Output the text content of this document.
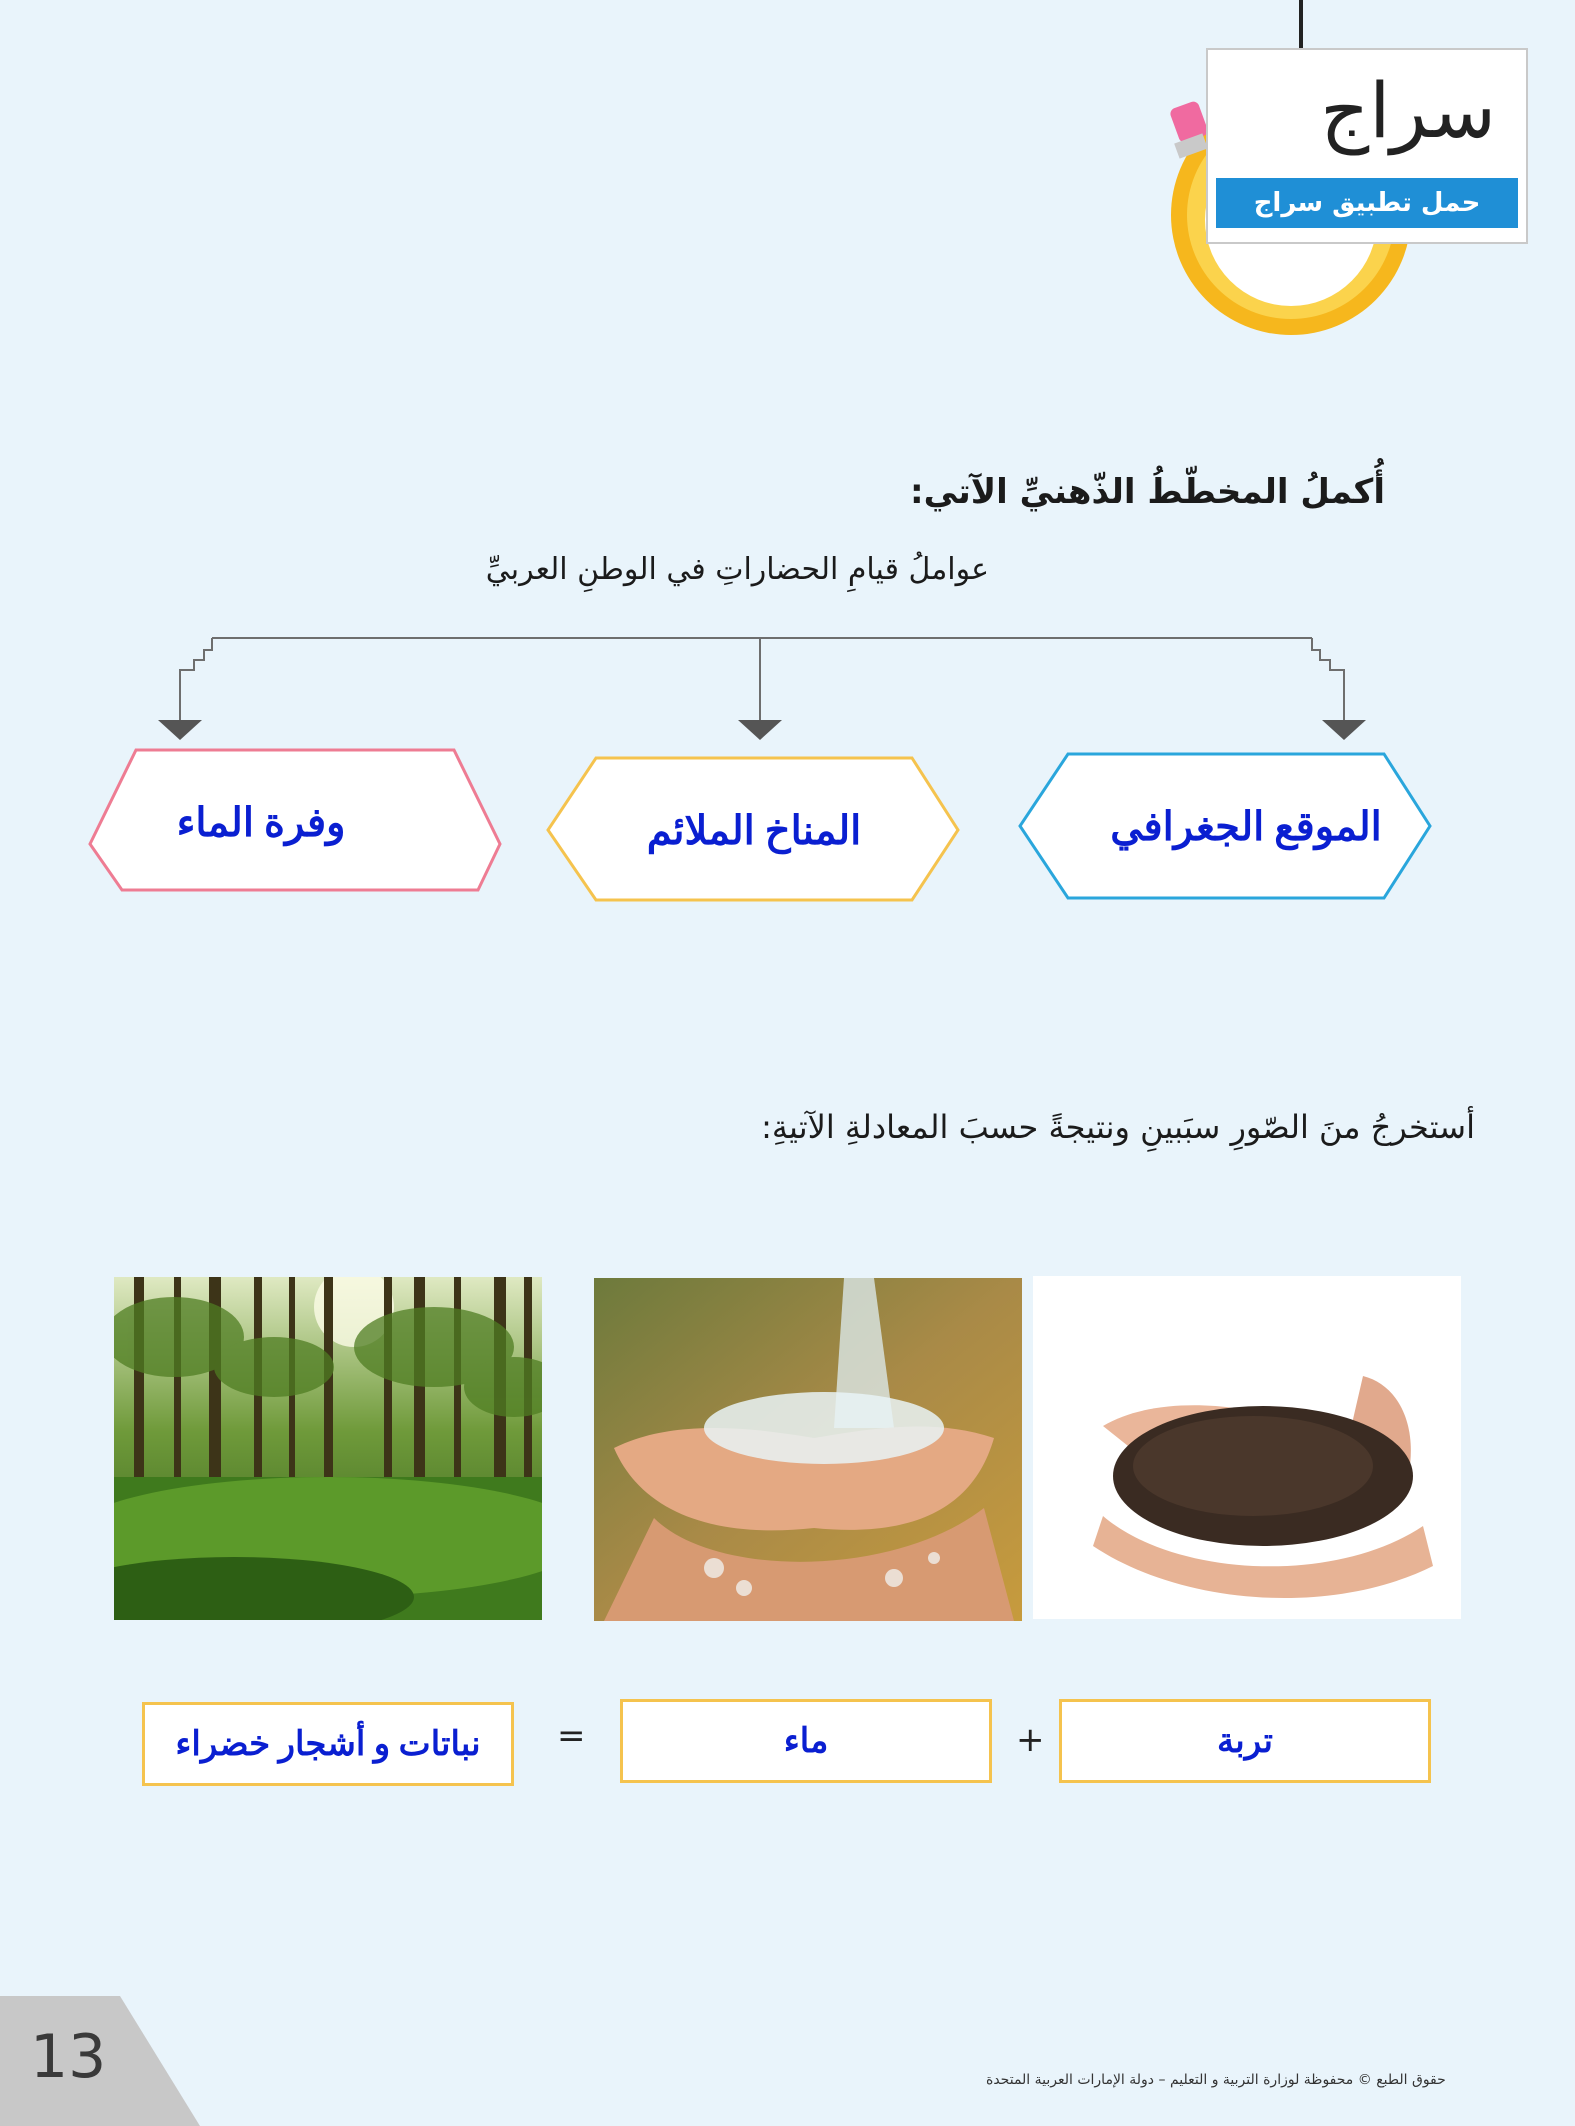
سراج
حمل تطبيق سراج
أُكملُ المخطّطُ الذّهنيِّ الآتي:
عواملُ قيامِ الحضاراتِ في الوطنِ العربيِّ
الموقع الجغرافي
المناخ الملائم
وفرة الماء
أستخرجُ منَ الصّورِ سبَبينِ ونتيجةً حسبَ المعادلةِ الآتيةِ:
تربة
+
ماء
=
نباتات و أشجار خضراء
13	حقوق الطبع © محفوظة لوزارة التربية و التعليم – دولة الإمارات العربية المتحدة
